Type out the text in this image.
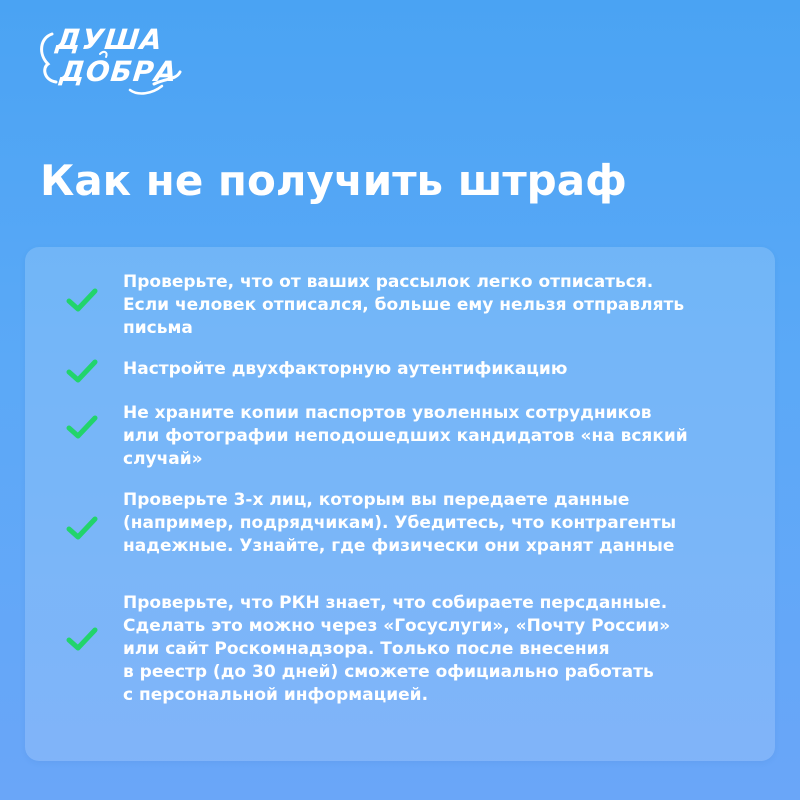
ДУША
ДОБРА
Как не получить штраф

Проверьте, что от ваших рассылок легко отписаться.
Если человек отписался, больше ему нельзя отправлять
письма

Настройте двухфакторную аутентификацию

Не храните копии паспортов уволенных сотрудников
или фотографии неподошедших кандидатов «на всякий
случай»

Проверьте 3-х лиц, которым вы передаете данные
(например, подрядчикам). Убедитесь, что контрагенты
надежные. Узнайте, где физически они хранят данные

Проверьте, что РКН знает, что собираете персданные.
Сделать это можно через «Госуслуги», «Почту России»
или сайт Роскомнадзора. Только после внесения
в реестр (до 30 дней) сможете официально работать
с персональной информацией.
